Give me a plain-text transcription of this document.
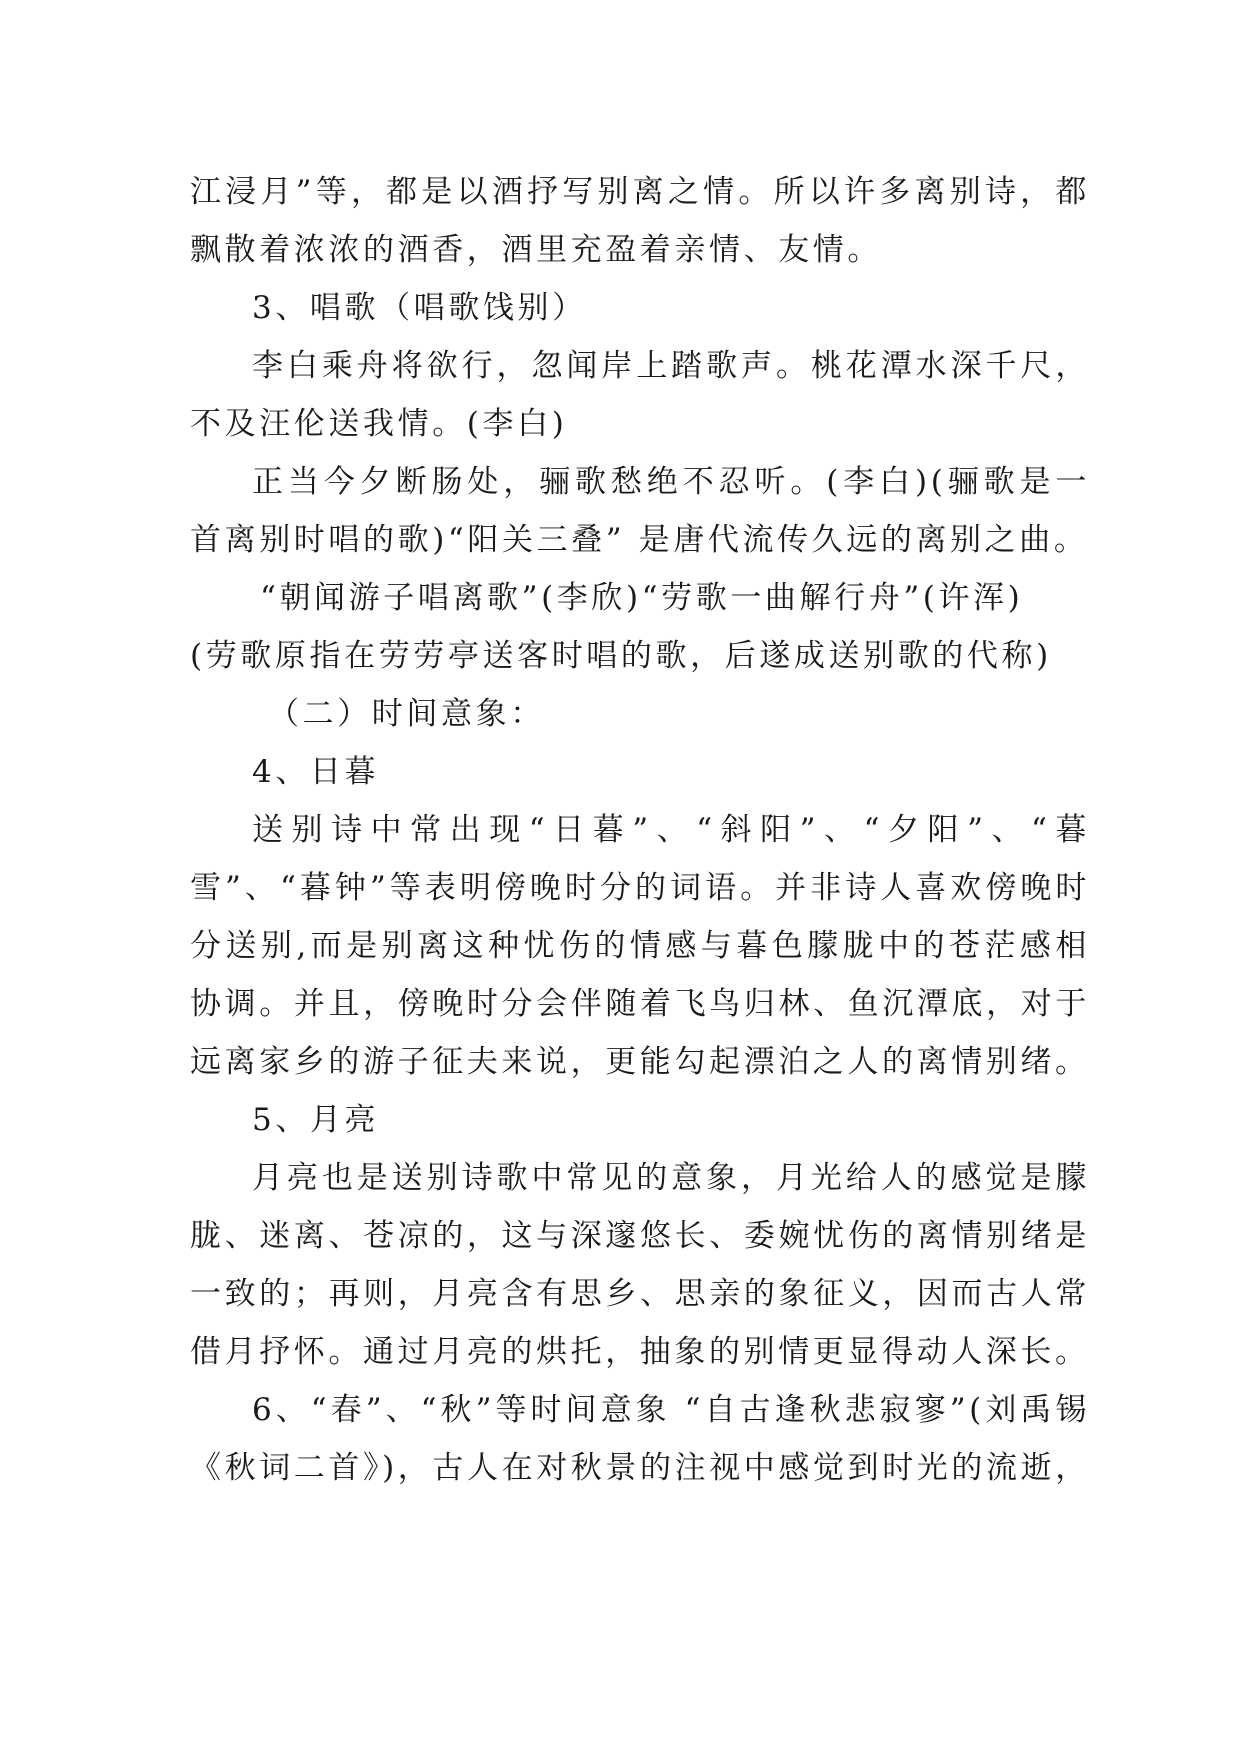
江浸月”等，都是以酒抒写别离之情。所以许多离别诗，都飘散着浓浓的酒香，酒里充盈着亲情、友情。

3、唱歌（唱歌饯别）

李白乘舟将欲行，忽闻岸上踏歌声。桃花潭水深千尺，不及汪伦送我情。(李白)

正当今夕断肠处，骊歌愁绝不忍听。(李白)(骊歌是一首离别时唱的歌)“阳关三叠” 是唐代流传久远的离别之曲。

“朝闻游子唱离歌”(李欣)“劳歌一曲解行舟”(许浑)

(劳歌原指在劳劳亭送客时唱的歌，后遂成送别歌的代称)

（二）时间意象：

4、日暮

送别诗中常出现“日暮”、“斜阳”、“夕阳”、“暮雪”、“暮钟”等表明傍晚时分的词语。并非诗人喜欢傍晚时分送别,而是别离这种忧伤的情感与暮色朦胧中的苍茫感相协调。并且，傍晚时分会伴随着飞鸟归林、鱼沉潭底，对于远离家乡的游子征夫来说，更能勾起漂泊之人的离情别绪。

5、月亮

月亮也是送别诗歌中常见的意象，月光给人的感觉是朦胧、迷离、苍凉的，这与深邃悠长、委婉忧伤的离情别绪是一致的；再则，月亮含有思乡、思亲的象征义，因而古人常借月抒怀。通过月亮的烘托，抽象的别情更显得动人深长。

6、“春”、“秋”等时间意象 “自古逢秋悲寂寥”(刘禹锡《秋词二首》)，古人在对秋景的注视中感觉到时光的流逝，
